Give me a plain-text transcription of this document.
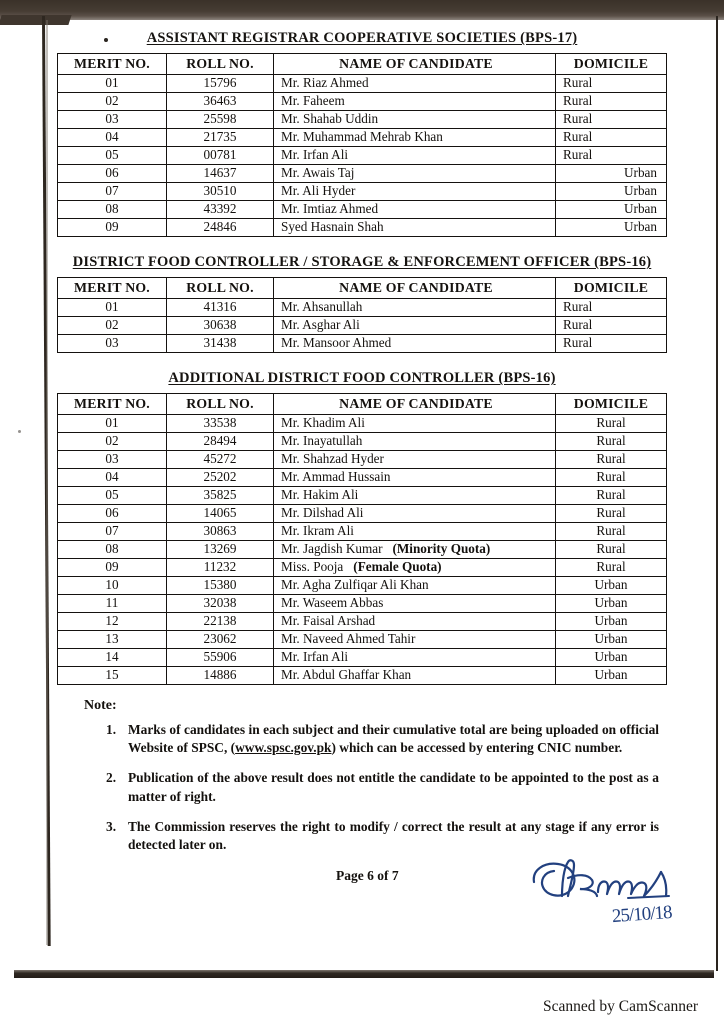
ASSISTANT REGISTRAR COOPERATIVE SOCIETIES (BPS-17)
MERIT NO.	ROLL NO.	NAME OF CANDIDATE	DOMICILE
01	15796	Mr. Riaz Ahmed	Rural
02	36463	Mr. Faheem	Rural
03	25598	Mr. Shahab Uddin	Rural
04	21735	Mr. Muhammad Mehrab Khan	Rural
05	00781	Mr. Irfan Ali	Rural
06	14637	Mr. Awais Taj	Urban
07	30510	Mr. Ali Hyder	Urban
08	43392	Mr. Imtiaz Ahmed	Urban
09	24846	Syed Hasnain Shah	Urban
DISTRICT FOOD CONTROLLER / STORAGE & ENFORCEMENT OFFICER (BPS-16)
MERIT NO.	ROLL NO.	NAME OF CANDIDATE	DOMICILE
01	41316	Mr. Ahsanullah	Rural
02	30638	Mr. Asghar Ali	Rural
03	31438	Mr. Mansoor Ahmed	Rural
ADDITIONAL DISTRICT FOOD CONTROLLER (BPS-16)
MERIT NO.	ROLL NO.	NAME OF CANDIDATE	DOMICILE
01	33538	Mr. Khadim Ali	Rural
02	28494	Mr. Inayatullah	Rural
03	45272	Mr. Shahzad Hyder	Rural
04	25202	Mr. Ammad Hussain	Rural
05	35825	Mr. Hakim Ali	Rural
06	14065	Mr. Dilshad Ali	Rural
07	30863	Mr. Ikram Ali	Rural
08	13269	Mr. Jagdish Kumar (Minority Quota)	Rural
09	11232	Miss. Pooja (Female Quota)	Rural
10	15380	Mr. Agha Zulfiqar Ali Khan	Urban
11	32038	Mr. Waseem Abbas	Urban
12	22138	Mr. Faisal Arshad	Urban
13	23062	Mr. Naveed Ahmed Tahir	Urban
14	55906	Mr. Irfan Ali	Urban
15	14886	Mr. Abdul Ghaffar Khan	Urban
Note:
1. Marks of candidates in each subject and their cumulative total are being uploaded on official Website of SPSC, (www.spsc.gov.pk) which can be accessed by entering CNIC number.
2. Publication of the above result does not entitle the candidate to be appointed to the post as a matter of right.
3. The Commission reserves the right to modify / correct the result at any stage if any error is detected later on.
Page 6 of 7
25/10/18
Scanned by CamScanner
